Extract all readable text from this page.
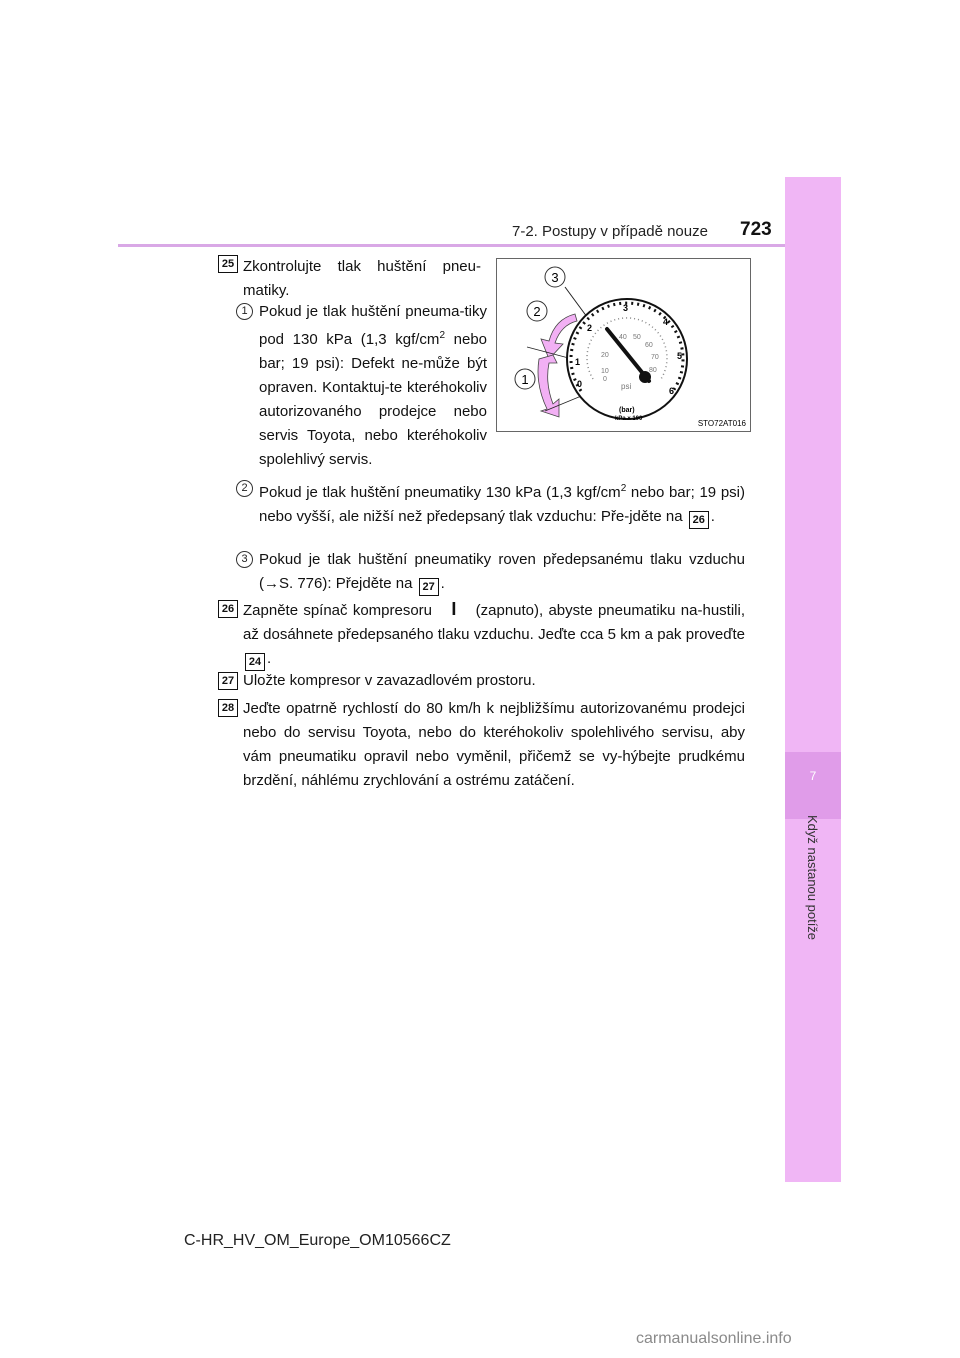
7
Když nastanou potíže
7-2. Postupy v případě nouze 723
25 Zkontrolujte tlak huštění pneu-matiky.
1 Pokud je tlak huštění pneuma-tiky pod 130 kPa (1,3 kgf/$cm^2$ nebo bar; 19 psi): Defekt ne-může být opraven. Kontaktuj-te kteréhokoliv autorizovaného prodejce nebo servis Toyota, nebo kteréhokoliv spolehlivý servis.
3
2
1	0
1
2
3
4
5
6
0
10
20
40 50
60
70
80
psi
(bar)
kPa x 100	STO72AT016
2 Pokud je tlak huštění pneumatiky 130 kPa (1,3 kgf/$cm^2$ nebo bar; 19 psi) nebo vyšší, ale nižší než předepsaný tlak vzduchu: Pře-jděte na 26 .
3 Pokud je tlak huštění pneumatiky roven předepsanému tlaku vzduchu (→S. 776): Přejděte na 27 .
26 Zapněte spínač kompresoru I (zapnuto), abyste pneumatiku na-hustili, až dosáhnete předepsaného tlaku vzduchu. Jeďte cca 5 km a pak proveďte 24 .
27 Uložte kompresor v zavazadlovém prostoru.
28 Jeďte opatrně rychlostí do 80 km/h k nejbližšímu autorizovanému prodejci nebo do servisu Toyota, nebo do kteréhokoliv spolehlivého servisu, aby vám pneumatiku opravil nebo vyměnil, přičemž se vy-hýbejte prudkému brzdění, náhlému zrychlování a ostrému zatáčení.
C-HR_HV_OM_Europe_OM10566CZ
carmanualsonline.info
